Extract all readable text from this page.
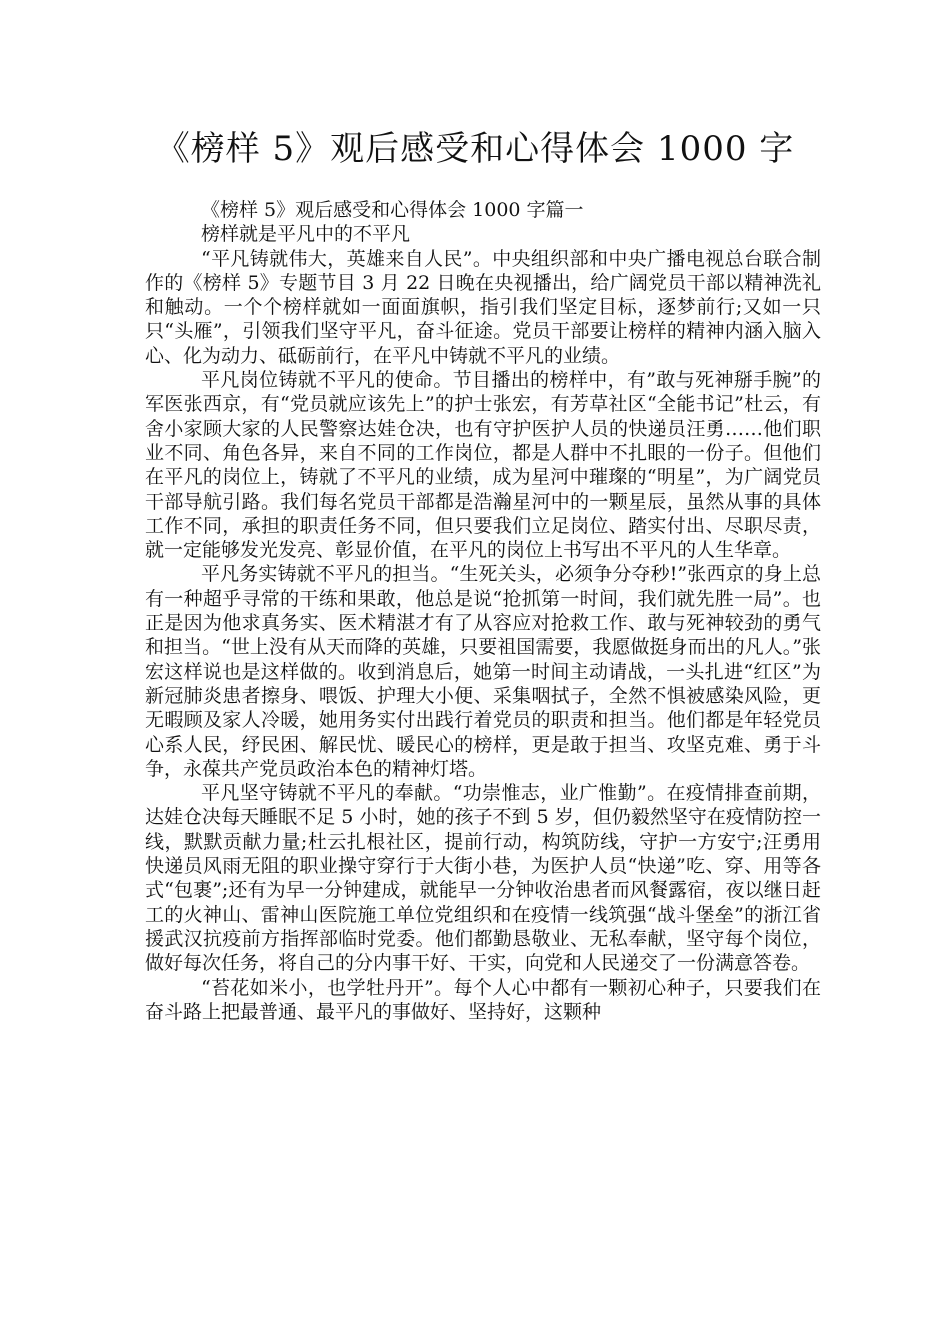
《榜样 5》观后感受和心得体会 1000 字

《榜样 5》观后感受和心得体会 1000 字篇一

榜样就是平凡中的不平凡

“平凡铸就伟大，英雄来自人民”。中央组织部和中央广播电视总台联合制作的《榜样 5》专题节目 3 月 22 日晚在央视播出，给广阔党员干部以精神洗礼和触动。一个个榜样就如一面面旗帜，指引我们坚定目标，逐梦前行;又如一只只“头雁”，引领我们坚守平凡，奋斗征途。党员干部要让榜样的精神内涵入脑入心、化为动力、砥砺前行，在平凡中铸就不平凡的业绩。

平凡岗位铸就不平凡的使命。节目播出的榜样中，有”敢与死神掰手腕”的军医张西京，有“党员就应该先上”的护士张宏，有芳草社区“全能书记”杜云，有舍小家顾大家的人民警察达娃仓决，也有守护医护人员的快递员汪勇……他们职业不同、角色各异，来自不同的工作岗位，都是人群中不扎眼的一份子。但他们在平凡的岗位上，铸就了不平凡的业绩，成为星河中璀璨的“明星”，为广阔党员干部导航引路。我们每名党员干部都是浩瀚星河中的一颗星辰，虽然从事的具体工作不同，承担的职责任务不同，但只要我们立足岗位、踏实付出、尽职尽责，就一定能够发光发亮、彰显价值，在平凡的岗位上书写出不平凡的人生华章。

平凡务实铸就不平凡的担当。“生死关头，必须争分夺秒!”张西京的身上总有一种超乎寻常的干练和果敢，他总是说“抢抓第一时间，我们就先胜一局”。也正是因为他求真务实、医术精湛才有了从容应对抢救工作、敢与死神较劲的勇气和担当。“世上没有从天而降的英雄，只要祖国需要，我愿做挺身而出的凡人。”张宏这样说也是这样做的。收到消息后，她第一时间主动请战，一头扎进“红区”为新冠肺炎患者擦身、喂饭、护理大小便、采集咽拭子，全然不惧被感染风险，更无暇顾及家人冷暖，她用务实付出践行着党员的职责和担当。他们都是年轻党员心系人民，纾民困、解民忧、暖民心的榜样，更是敢于担当、攻坚克难、勇于斗争，永葆共产党员政治本色的精神灯塔。

平凡坚守铸就不平凡的奉献。“功崇惟志，业广惟勤”。在疫情排查前期，达娃仓决每天睡眠不足 5 小时，她的孩子不到 5 岁，但仍毅然坚守在疫情防控一线，默默贡献力量;杜云扎根社区，提前行动，构筑防线，守护一方安宁;汪勇用快递员风雨无阻的职业操守穿行于大街小巷，为医护人员“快递”吃、穿、用等各式“包裹”;还有为早一分钟建成，就能早一分钟收治患者而风餐露宿，夜以继日赶工的火神山、雷神山医院施工单位党组织和在疫情一线筑强“战斗堡垒”的浙江省援武汉抗疫前方指挥部临时党委。他们都勤恳敬业、无私奉献，坚守每个岗位，做好每次任务，将自己的分内事干好、干实，向党和人民递交了一份满意答卷。

“苔花如米小，也学牡丹开”。每个人心中都有一颗初心种子，只要我们在奋斗路上把最普通、最平凡的事做好、坚持好，这颗种
